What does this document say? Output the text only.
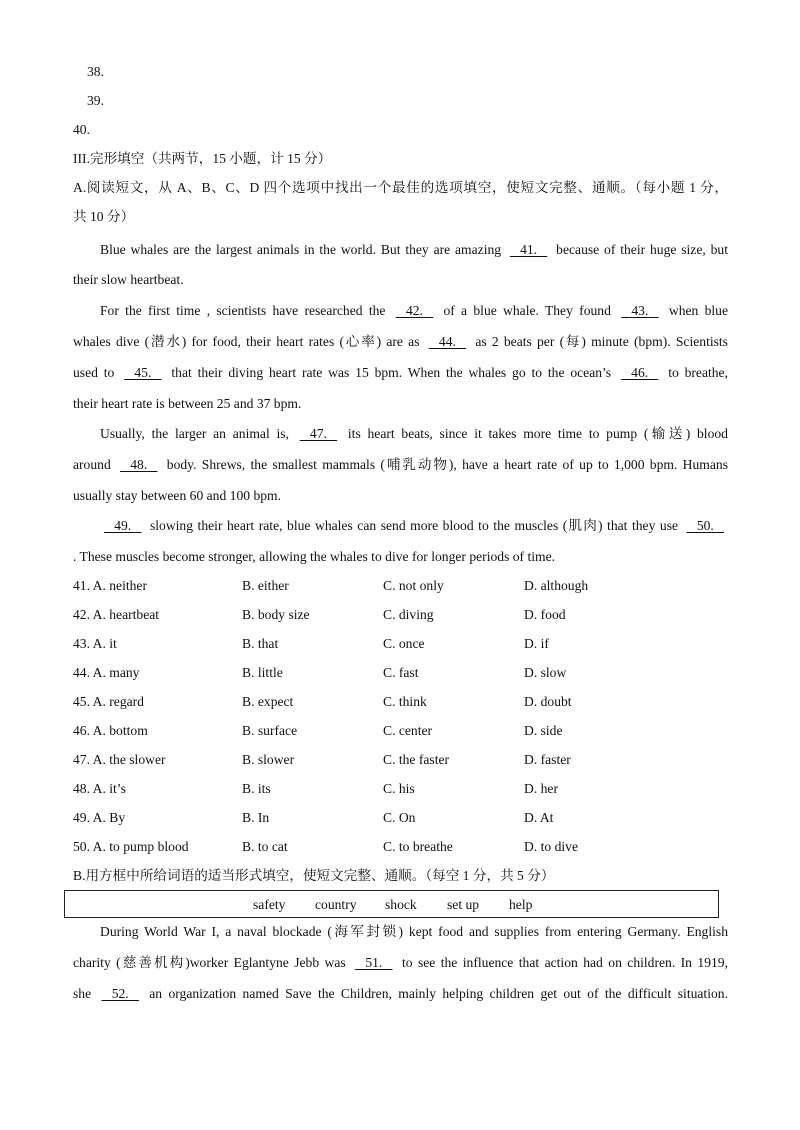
38.
39.
40.
III.完形填空（共两节，15 小题，计 15 分）
A.阅读短文，从 A、B、C、D 四个选项中找出一个最佳的选项填空，使短文完整、通顺。（每小题 1 分，
共 10 分）
Blue whales are the largest animals in the world. But they are amazing    41.    because of their huge size, but
their slow heartbeat.
For the first time , scientists have researched the    42.    of a blue whale. They found    43.    when blue
whales dive (潜水) for food, their heart rates (心率) are as    44.    as 2 beats per (每) minute (bpm). Scientists
used to    45.    that their diving heart rate was 15 bpm. When the whales go to the ocean’s    46.    to breathe,
their heart rate is between 25 and 37 bpm.
Usually, the larger an animal is,    47.    its heart beats, since it takes more time to pump (输送) blood
around    48.    body. Shrews, the smallest mammals (哺乳动物), have a heart rate of up to 1,000 bpm. Humans
usually stay between 60 and 100 bpm.
49.    slowing their heart rate, blue whales can send more blood to the muscles (肌肉) that they use    50.
. These muscles become stronger, allowing the whales to dive for longer periods of time.
41. A. neither	B. either	C. not only	D. although
42. A. heartbeat	B. body size	C. diving	D. food
43. A. it	B. that	C. once	D. if
44. A. many	B. little	C. fast	D. slow
45. A. regard	B. expect	C. think	D. doubt
46. A. bottom	B. surface	C. center	D. side
47. A. the slower	B. slower	C. the faster	D. faster
48. A. it’s	B. its	C. his	D. her
49. A. By	B. In	C. On	D. At
50. A. to pump blood	B. to cat	C. to breathe	D. to dive
B.用方框中所给词语的适当形式填空，使短文完整、通顺。（每空 1 分，共 5 分）
safety country shock set up help
During World War I, a naval blockade (海军封锁) kept food and supplies from entering Germany. English
charity (慈善机构)worker Eglantyne Jebb was    51.    to see the influence that action had on children. In 1919,
she    52.    an organization named Save the Children, mainly helping children get out of the difficult situation.
